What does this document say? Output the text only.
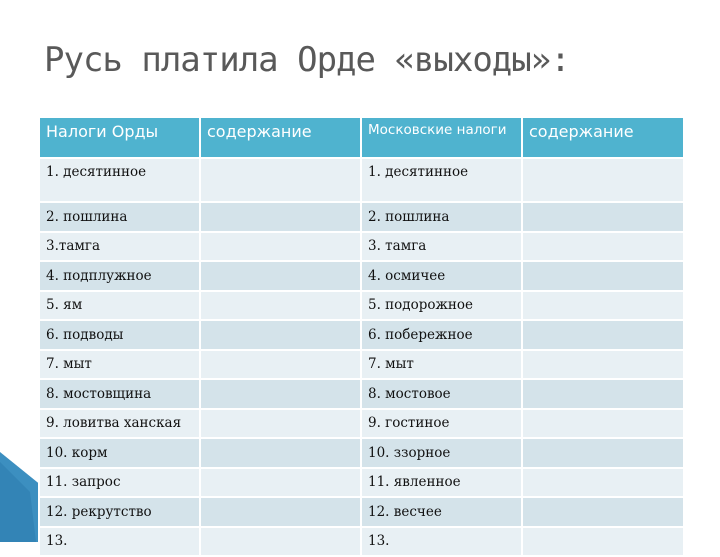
Русь платила Орде «выходы»:
Налоги Орды	содержание	Московские налоги	содержание
1. десятинное		1. десятинное	
2. пошлина		2. пошлина	
3.тамга		3. тамга	
4. подплужное		4. осмичее	
5. ям		5. подорожное	
6. подводы		6. побережное	
7. мыт		7. мыт	
8. мостовщина		8. мостовое	
9. ловитва ханская		9. гостиное	
10. корм		10. ззорное	
11. запрос		11. явленное	
12. рекрутство		12. весчее	
13.		13.	
